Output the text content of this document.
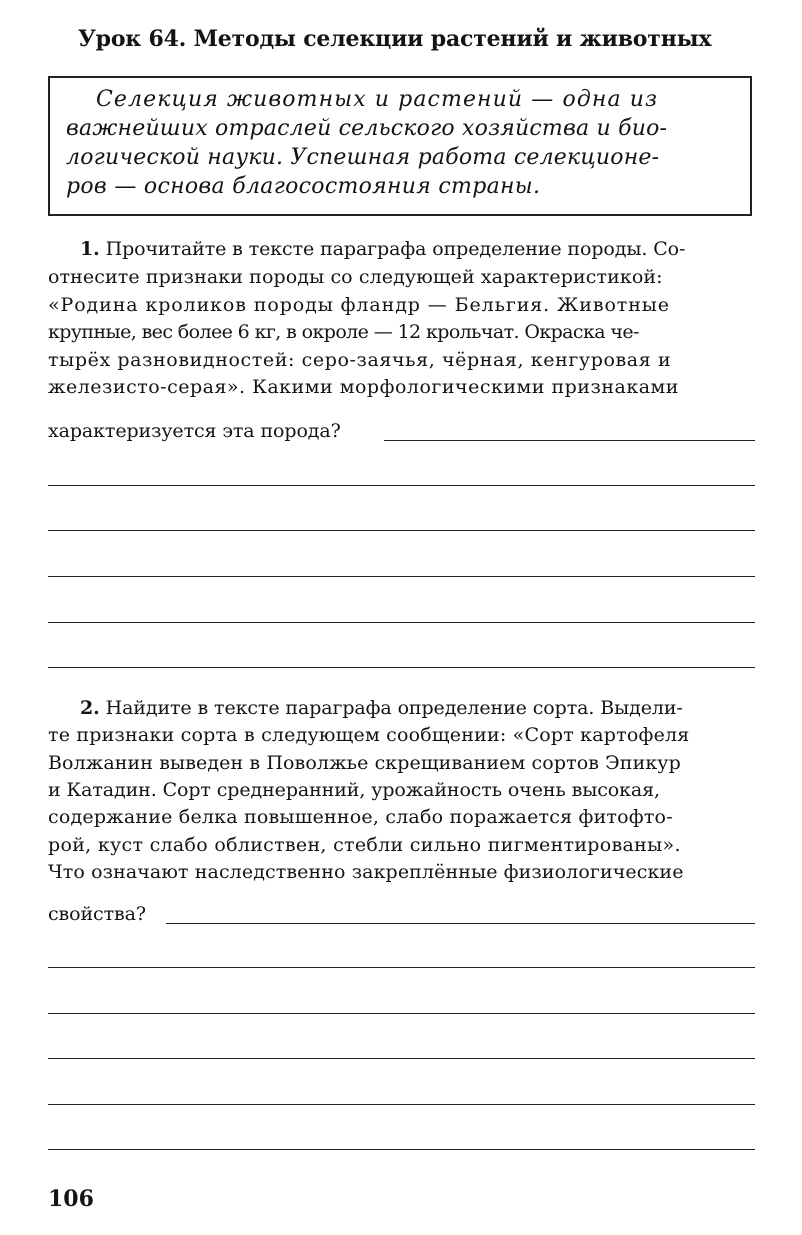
Урок 64. Методы селекции растений и животных
Селекция животных и растений — одна из
важнейших отраслей сельского хозяйства и био-
логической науки. Успешная работа селекционе-
ров — основа благосостояния страны.
1. Прочитайте в тексте параграфа определение породы. Со-
отнесите признаки породы со следующей характеристикой:
«Родина кроликов породы фландр — Бельгия. Животные
крупные, вес более 6 кг, в окроле — 12 крольчат. Окраска че-
тырёх разновидностей: серо-заячья, чёрная, кенгуровая и
железисто-серая». Какими морфологическими признаками
характеризуется эта порода?
2. Найдите в тексте параграфа определение сорта. Выдели-
те признаки сорта в следующем сообщении: «Сорт картофеля
Волжанин выведен в Поволжье скрещиванием сортов Эпикур
и Катадин. Сорт среднеранний, урожайность очень высокая,
содержание белка повышенное, слабо поражается фитофто-
рой, куст слабо облиствен, стебли сильно пигментированы».
Что означают наследственно закреплённые физиологические
свойства?
106
